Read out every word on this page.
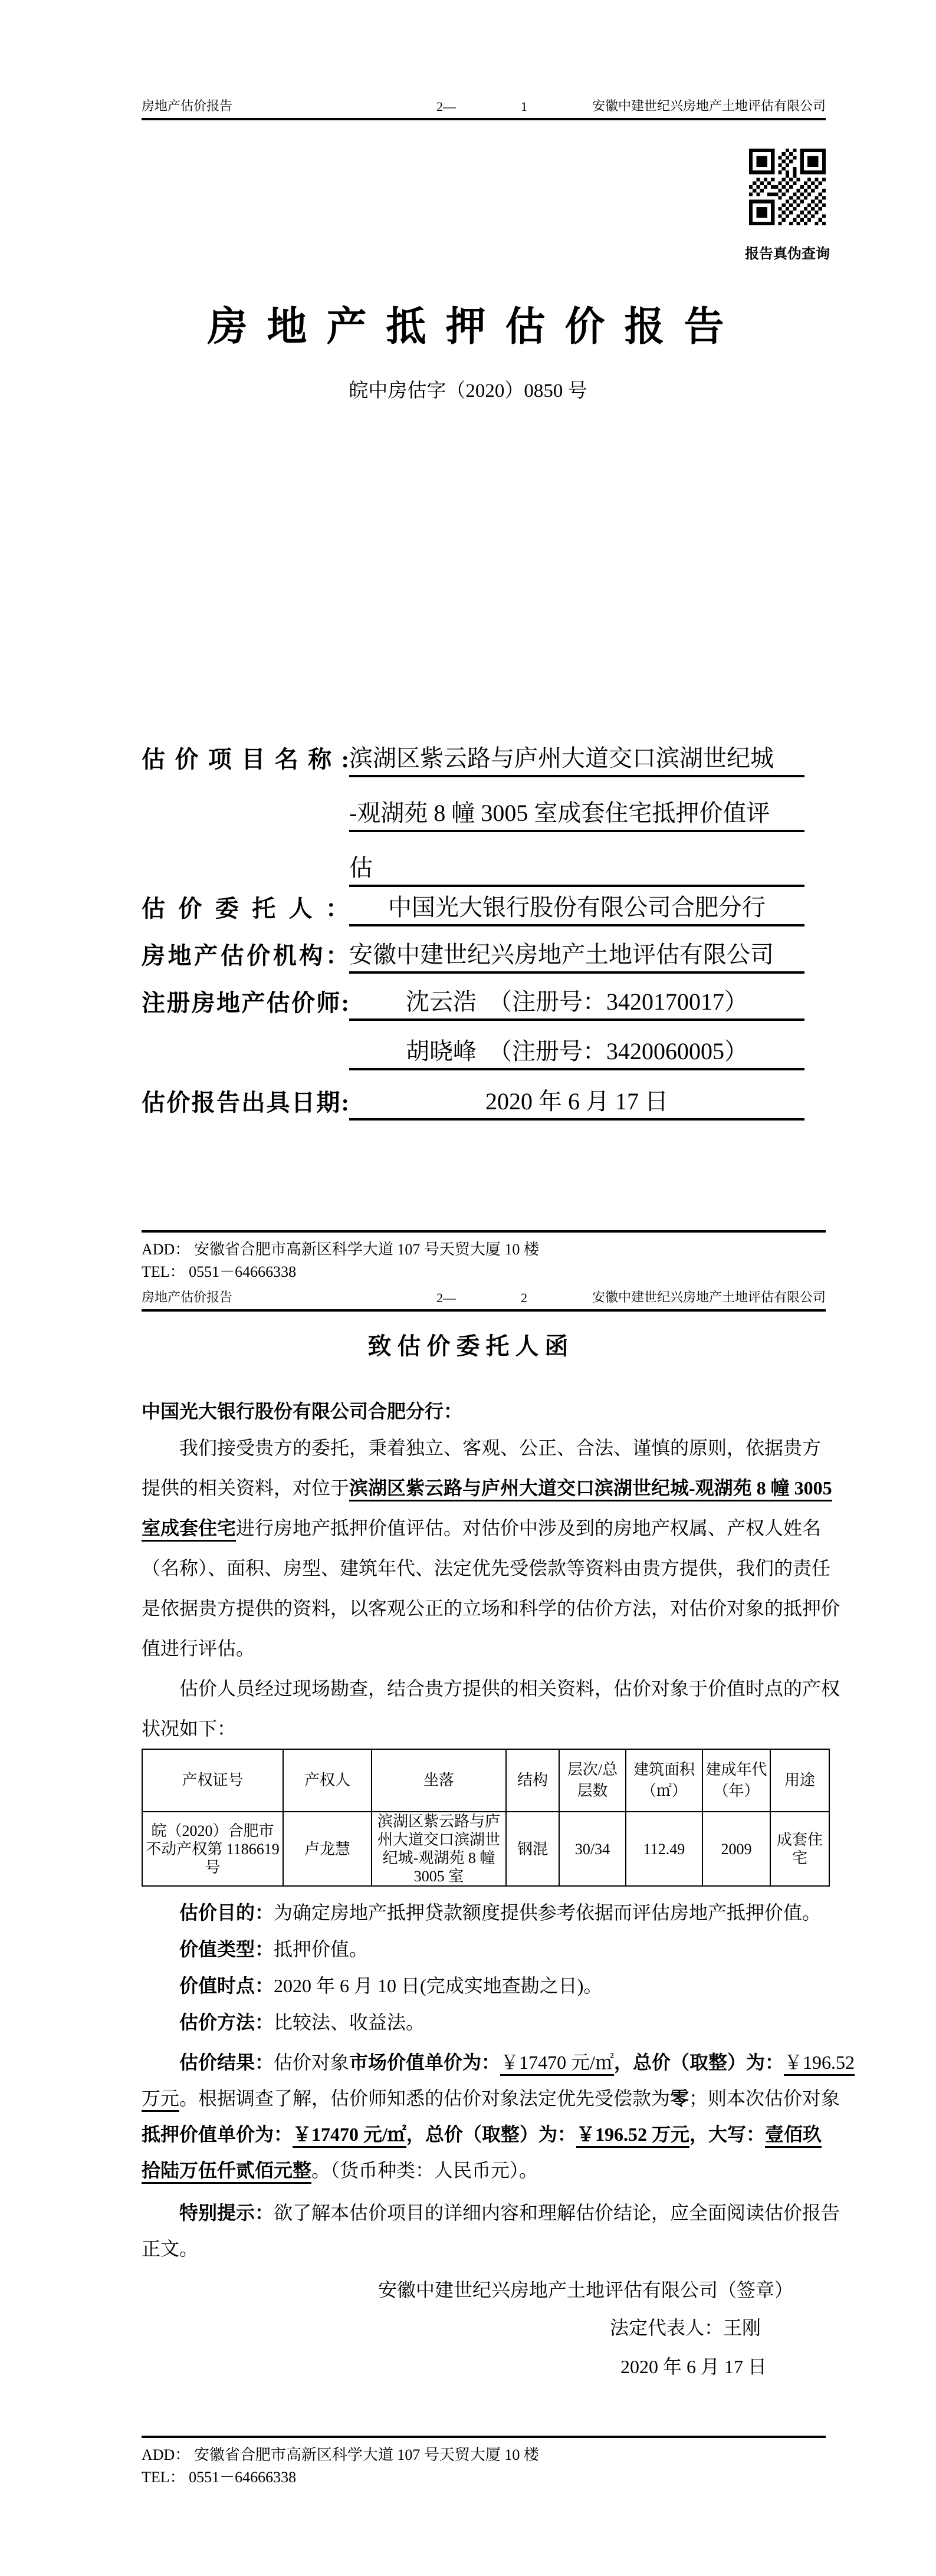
房地产估价报告	2—	1	安徽中建世纪兴房地产土地评估有限公司
报告真伪查询
房 地 产 抵 押 估 价 报 告
皖中房估字（2020）0850 号
估价项目名称: 滨湖区紫云路与庐州大道交口滨湖世纪城
-观湖苑 8 幢 3005 室成套住宅抵押价值评
估
估价委托人：	中国光大银行股份有限公司合肥分行
房地产估价机构： 安徽中建世纪兴房地产土地评估有限公司
注册房地产估价师:	沈云浩　（注册号：3420170017）
胡晓峰　（注册号：3420060005）
估价报告出具日期:	2020 年 6 月 17 日
ADD： 安徽省合肥市高新区科学大道 107 号天贸大厦 10 楼
TEL： 0551－64666338
房地产估价报告	2—	2	安徽中建世纪兴房地产土地评估有限公司
致 估 价 委 托 人 函
中国光大银行股份有限公司合肥分行：
　　我们接受贵方的委托，秉着独立、客观、公正、合法、谨慎的原则，依据贵方
提供的相关资料，对位于滨湖区紫云路与庐州大道交口滨湖世纪城-观湖苑 8 幢 3005
室成套住宅进行房地产抵押价值评估。对估价中涉及到的房地产权属、产权人姓名
（名称）、面积、房型、建筑年代、法定优先受偿款等资料由贵方提供，我们的责任
是依据贵方提供的资料，以客观公正的立场和科学的估价方法，对估价对象的抵押价
值进行评估。
　　估价人员经过现场勘查，结合贵方提供的相关资料，估价对象于价值时点的产权
状况如下：
产权证号	产权人	坐落	结构	层次/总层数	建筑面积（㎡）	建成年代（年）	用途
皖（2020）合肥市不动产权第 1186619 号	卢龙慧	滨湖区紫云路与庐州大道交口滨湖世纪城-观湖苑 8 幢 3005 室	钢混	30/34	112.49	2009	成套住宅
　　估价目的：为确定房地产抵押贷款额度提供参考依据而评估房地产抵押价值。
　　价值类型：抵押价值。
　　价值时点：2020 年 6 月 10 日(完成实地查勘之日)。
　　估价方法：比较法、收益法。
　　估价结果：估价对象市场价值单价为：￥17470 元/㎡，总价（取整）为：￥196.52
万元。根据调查了解，估价师知悉的估价对象法定优先受偿款为零；则本次估价对象
抵押价值单价为：￥17470 元/㎡，总价（取整）为：￥196.52 万元，大写：壹佰玖
拾陆万伍仟贰佰元整。（货币种类：人民币元）。
　　特别提示：欲了解本估价项目的详细内容和理解估价结论，应全面阅读估价报告
正文。
安徽中建世纪兴房地产土地评估有限公司（签章）
法定代表人：王刚
2020 年 6 月 17 日
ADD： 安徽省合肥市高新区科学大道 107 号天贸大厦 10 楼
TEL： 0551－64666338
